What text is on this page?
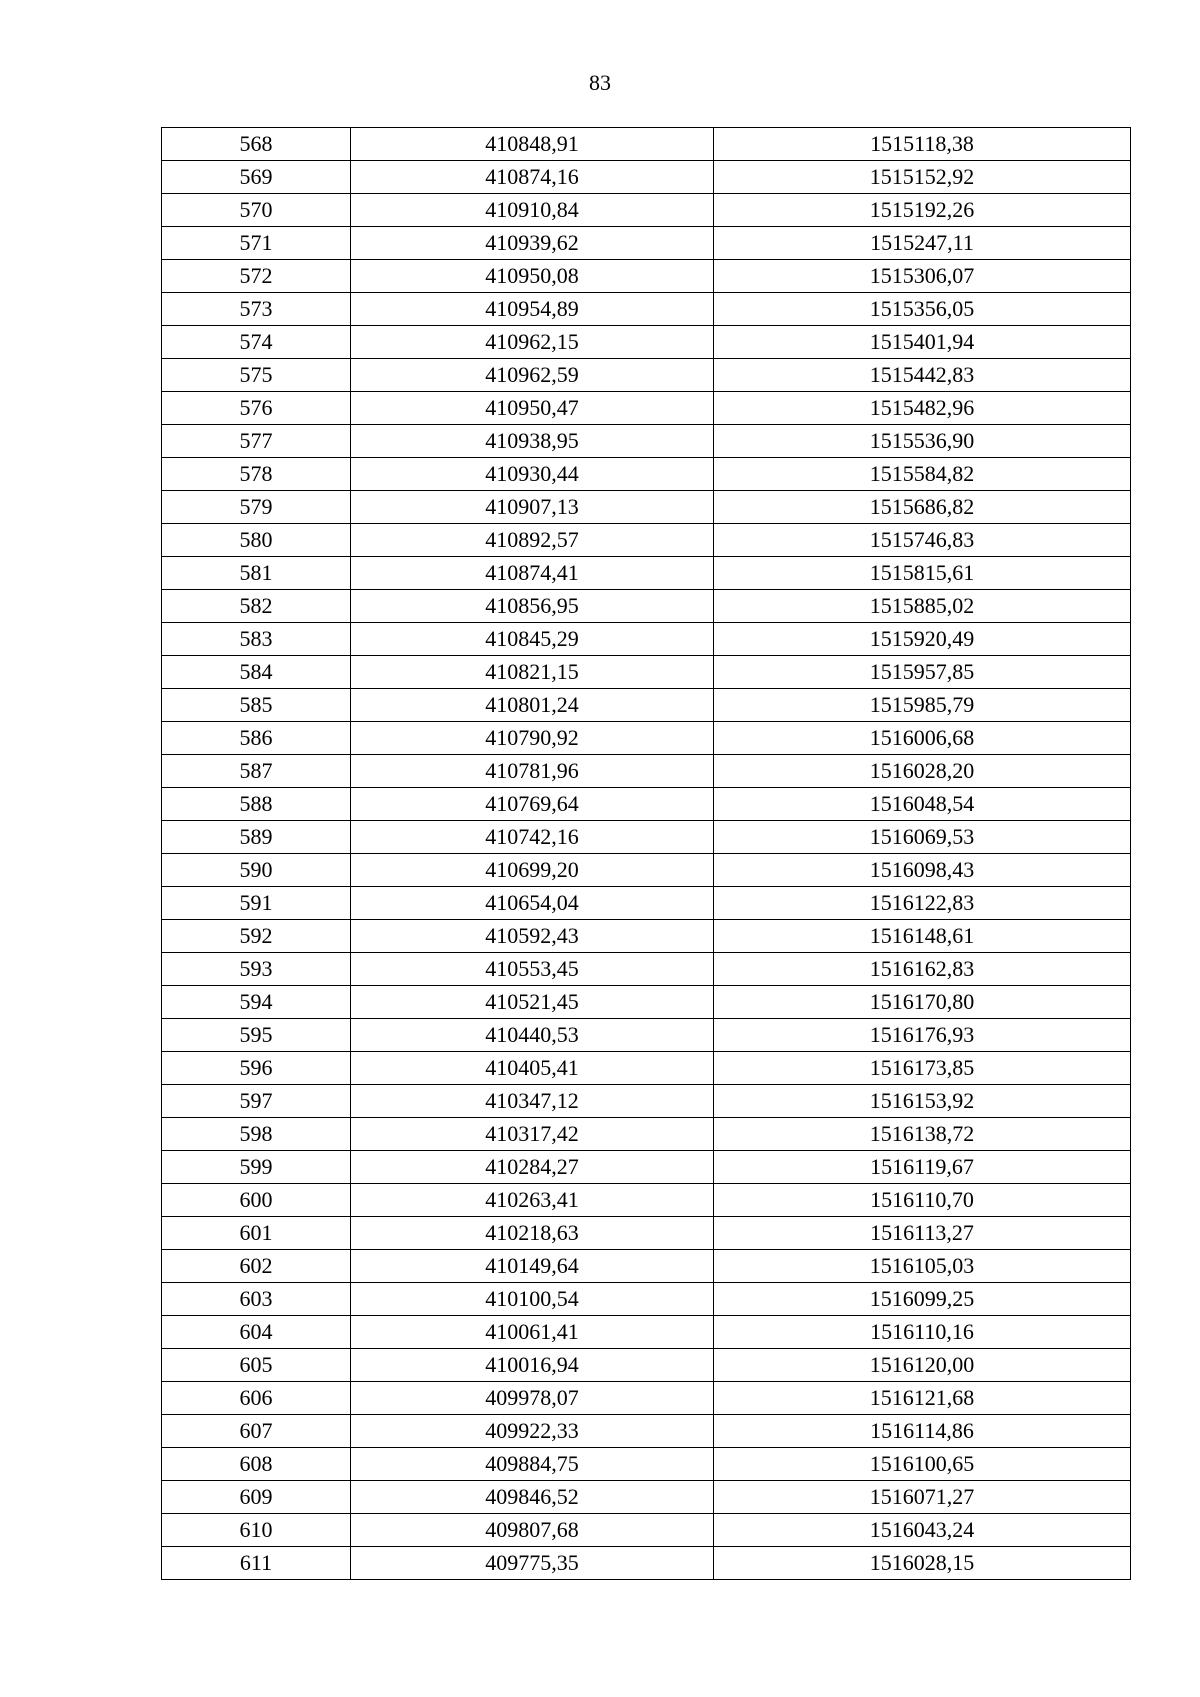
83
568	410848,91	1515118,38
569	410874,16	1515152,92
570	410910,84	1515192,26
571	410939,62	1515247,11
572	410950,08	1515306,07
573	410954,89	1515356,05
574	410962,15	1515401,94
575	410962,59	1515442,83
576	410950,47	1515482,96
577	410938,95	1515536,90
578	410930,44	1515584,82
579	410907,13	1515686,82
580	410892,57	1515746,83
581	410874,41	1515815,61
582	410856,95	1515885,02
583	410845,29	1515920,49
584	410821,15	1515957,85
585	410801,24	1515985,79
586	410790,92	1516006,68
587	410781,96	1516028,20
588	410769,64	1516048,54
589	410742,16	1516069,53
590	410699,20	1516098,43
591	410654,04	1516122,83
592	410592,43	1516148,61
593	410553,45	1516162,83
594	410521,45	1516170,80
595	410440,53	1516176,93
596	410405,41	1516173,85
597	410347,12	1516153,92
598	410317,42	1516138,72
599	410284,27	1516119,67
600	410263,41	1516110,70
601	410218,63	1516113,27
602	410149,64	1516105,03
603	410100,54	1516099,25
604	410061,41	1516110,16
605	410016,94	1516120,00
606	409978,07	1516121,68
607	409922,33	1516114,86
608	409884,75	1516100,65
609	409846,52	1516071,27
610	409807,68	1516043,24
611	409775,35	1516028,15
